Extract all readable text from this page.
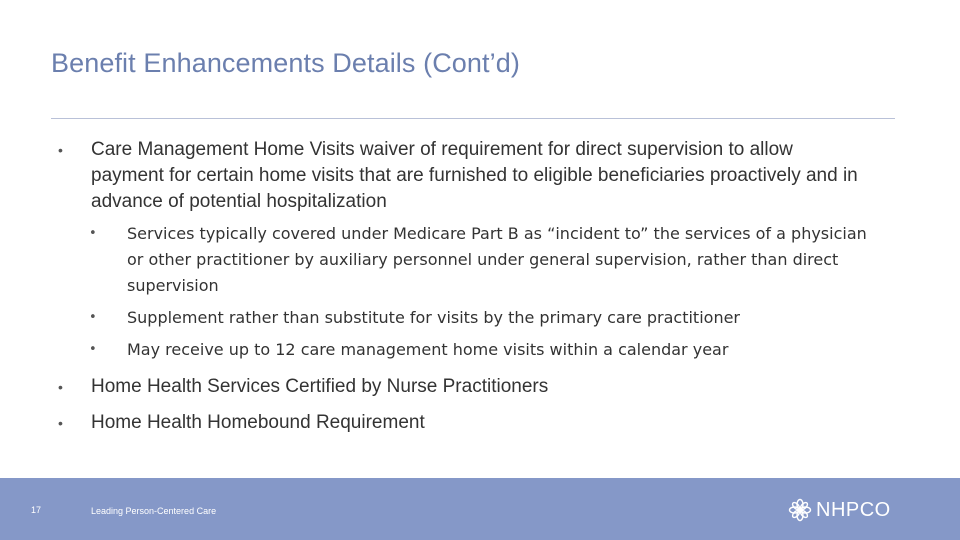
Benefit Enhancements Details (Cont’d)
• Care Management Home Visits waiver of requirement for direct supervision to allow payment for certain home visits that are furnished to eligible beneficiaries proactively and in advance of potential hospitalization
• Services typically covered under Medicare Part B as “incident to” the services of a physician or other practitioner by auxiliary personnel under general supervision, rather than direct supervision
• Supplement rather than substitute for visits by the primary care practitioner
• May receive up to 12 care management home visits within a calendar year
• Home Health Services Certified by Nurse Practitioners
• Home Health Homebound Requirement
17	Leading Person-Centered Care	NHPCO
